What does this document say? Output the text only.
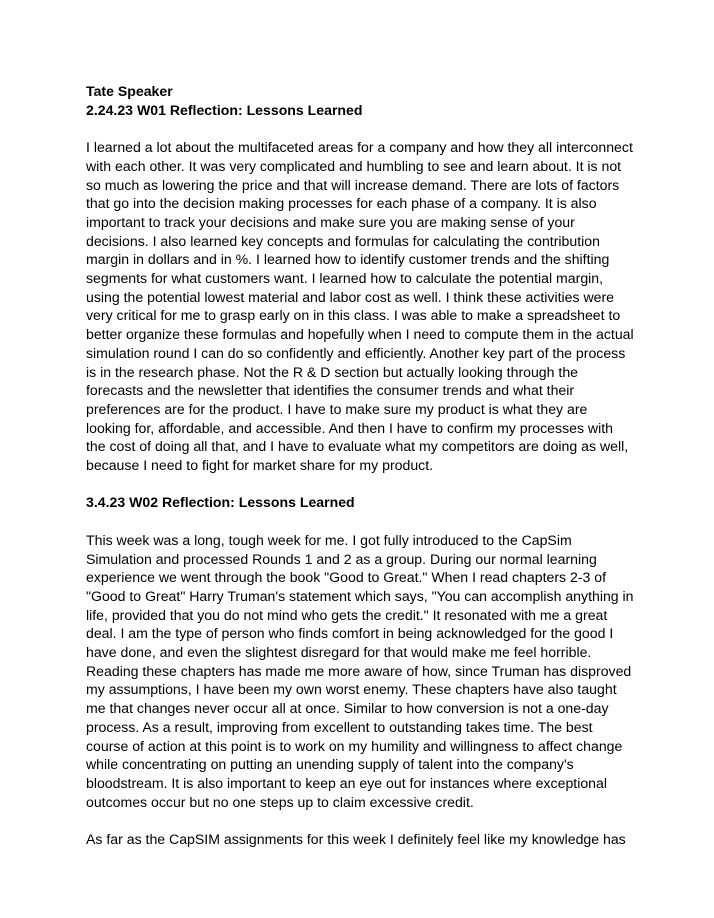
Tate Speaker

2.24.23 W01 Reflection: Lessons Learned

I learned a lot about the multifaceted areas for a company and how they all interconnect
with each other. It was very complicated and humbling to see and learn about. It is not
so much as lowering the price and that will increase demand. There are lots of factors
that go into the decision making processes for each phase of a company. It is also
important to track your decisions and make sure you are making sense of your
decisions. I also learned key concepts and formulas for calculating the contribution
margin in dollars and in %. I learned how to identify customer trends and the shifting
segments for what customers want. I learned how to calculate the potential margin,
using the potential lowest material and labor cost as well. I think these activities were
very critical for me to grasp early on in this class. I was able to make a spreadsheet to
better organize these formulas and hopefully when I need to compute them in the actual
simulation round I can do so confidently and efficiently. Another key part of the process
is in the research phase. Not the R & D section but actually looking through the
forecasts and the newsletter that identifies the consumer trends and what their
preferences are for the product. I have to make sure my product is what they are
looking for, affordable, and accessible. And then I have to confirm my processes with
the cost of doing all that, and I have to evaluate what my competitors are doing as well,
because I need to fight for market share for my product.

3.4.23 W02 Reflection: Lessons Learned

This week was a long, tough week for me. I got fully introduced to the CapSim
Simulation and processed Rounds 1 and 2 as a group. During our normal learning
experience we went through the book "Good to Great." When I read chapters 2-3 of
"Good to Great" Harry Truman's statement which says, "You can accomplish anything in
life, provided that you do not mind who gets the credit." It resonated with me a great
deal. I am the type of person who finds comfort in being acknowledged for the good I
have done, and even the slightest disregard for that would make me feel horrible.
Reading these chapters has made me more aware of how, since Truman has disproved
my assumptions, I have been my own worst enemy. These chapters have also taught
me that changes never occur all at once. Similar to how conversion is not a one-day
process. As a result, improving from excellent to outstanding takes time. The best
course of action at this point is to work on my humility and willingness to affect change
while concentrating on putting an unending supply of talent into the company's
bloodstream. It is also important to keep an eye out for instances where exceptional
outcomes occur but no one steps up to claim excessive credit.

As far as the CapSIM assignments for this week I definitely feel like my knowledge has
